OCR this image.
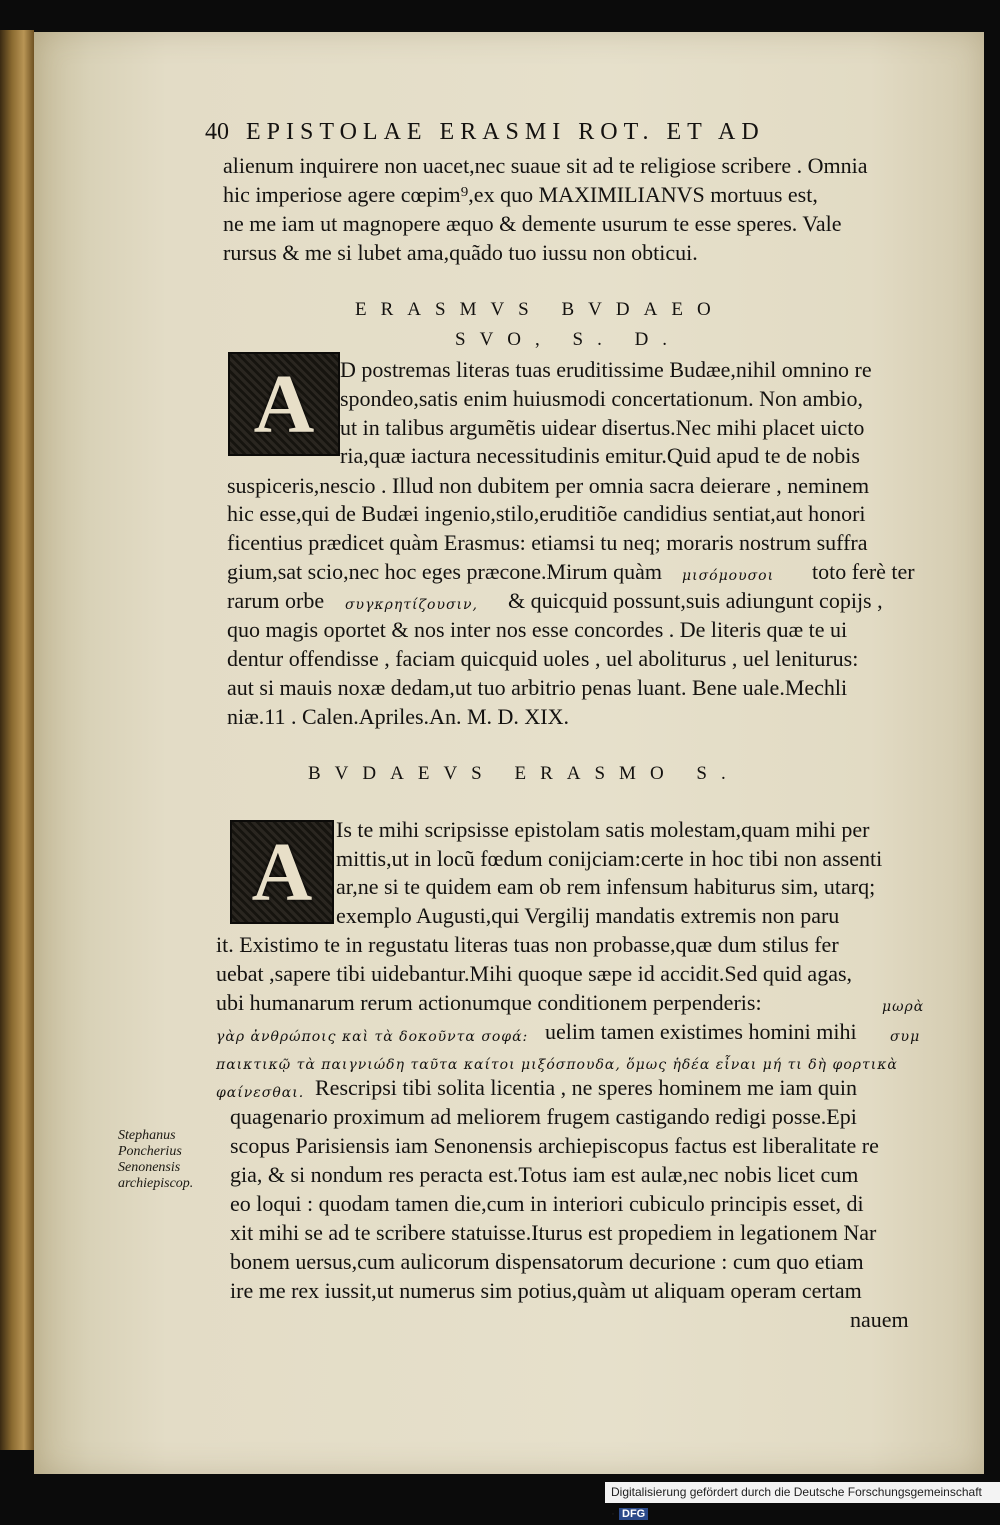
40 EPISTOLAE ERASMI ROT. ET AD
alienum inquirere non uacet,nec suaue sit ad te religiose scribere . Omnia
hic imperiose agere cœpim⁹,ex quo MAXIMILIANVS mortuus est,
ne me iam ut magnopere æquo & demente usurum te esse speres. Vale
rursus & me si lubet ama,quãdo tuo iussu non obticui.
ERASMVS BVDAEO
SVO, S. D.
A D postremas literas tuas eruditissime Budæe,nihil omnino re
spondeo,satis enim huiusmodi concertationum. Non ambio,
ut in talibus argumẽtis uidear disertus.Nec mihi placet uicto
ria,quæ iactura necessitudinis emitur.Quid apud te de nobis
suspiceris,nescio . Illud non dubitem per omnia sacra deierare , neminem
hic esse,qui de Budæi ingenio,stilo,eruditiõe candidius sentiat,aut honori
ficentius prædicet quàm Erasmus: etiamsi tu neq; moraris nostrum suffra
gium,sat scio,nec hoc eges præcone.Mirum quàm μισόμουσοι toto ferè ter
rarum orbe συγκρητίζουσιν, & quicquid possunt,suis adiungunt copijs ,
quo magis oportet & nos inter nos esse concordes . De literis quæ te ui
dentur offendisse , faciam quicquid uoles , uel aboliturus , uel leniturus:
aut si mauis noxæ dedam,ut tuo arbitrio penas luant. Bene uale.Mechli
niæ.11 . Calen.Apriles.An. M. D. XIX.
BVDAEVS ERASMO S.
A Is te mihi scripsisse epistolam satis molestam,quam mihi per
mittis,ut in locũ fœdum conijciam:certe in hoc tibi non assenti
ar,ne si te quidem eam ob rem infensum habiturus sim, utarq;
exemplo Augusti,qui Vergilij mandatis extremis non paru
it. Existimo te in regustatu literas tuas non probasse,quæ dum stilus fer
uebat ,sapere tibi uidebantur.Mihi quoque sæpe id accidit.Sed quid agas,
ubi humanarum rerum actionumque conditionem perpenderis:	μωρὰ
γὰρ ἀνθρώποις καὶ τὰ δοκοῦντα σοφά: uelim tamen existimes homini mihi συμ
παικτικῷ τὰ παιγνιώδη ταῦτα καίτοι μιξόσπουδα, ὅμως ἡδέα εἶναι μή τι δὴ φορτικὰ
φαίνεσθαι. Rescripsi tibi solita licentia , ne speres hominem me iam quin
quagenario proximum ad meliorem frugem castigando redigi posse.Epi
scopus Parisiensis iam Senonensis archiepiscopus factus est liberalitate re
gia, & si nondum res peracta est.Totus iam est aulæ,nec nobis licet cum
eo loqui : quodam tamen die,cum in interiori cubiculo principis esset, di
xit mihi se ad te scribere statuisse.Iturus est propediem in legationem Nar
bonem uersus,cum aulicorum dispensatorum decurione : cum quo etiam
ire me rex iussit,ut numerus sim potius,quàm ut aliquam operam certam
nauem
Stephanus
Poncherius
Senonensis
archiepiscop.
Digitalisierung gefördert durch die Deutsche Forschungsgemeinschaft · DFG
